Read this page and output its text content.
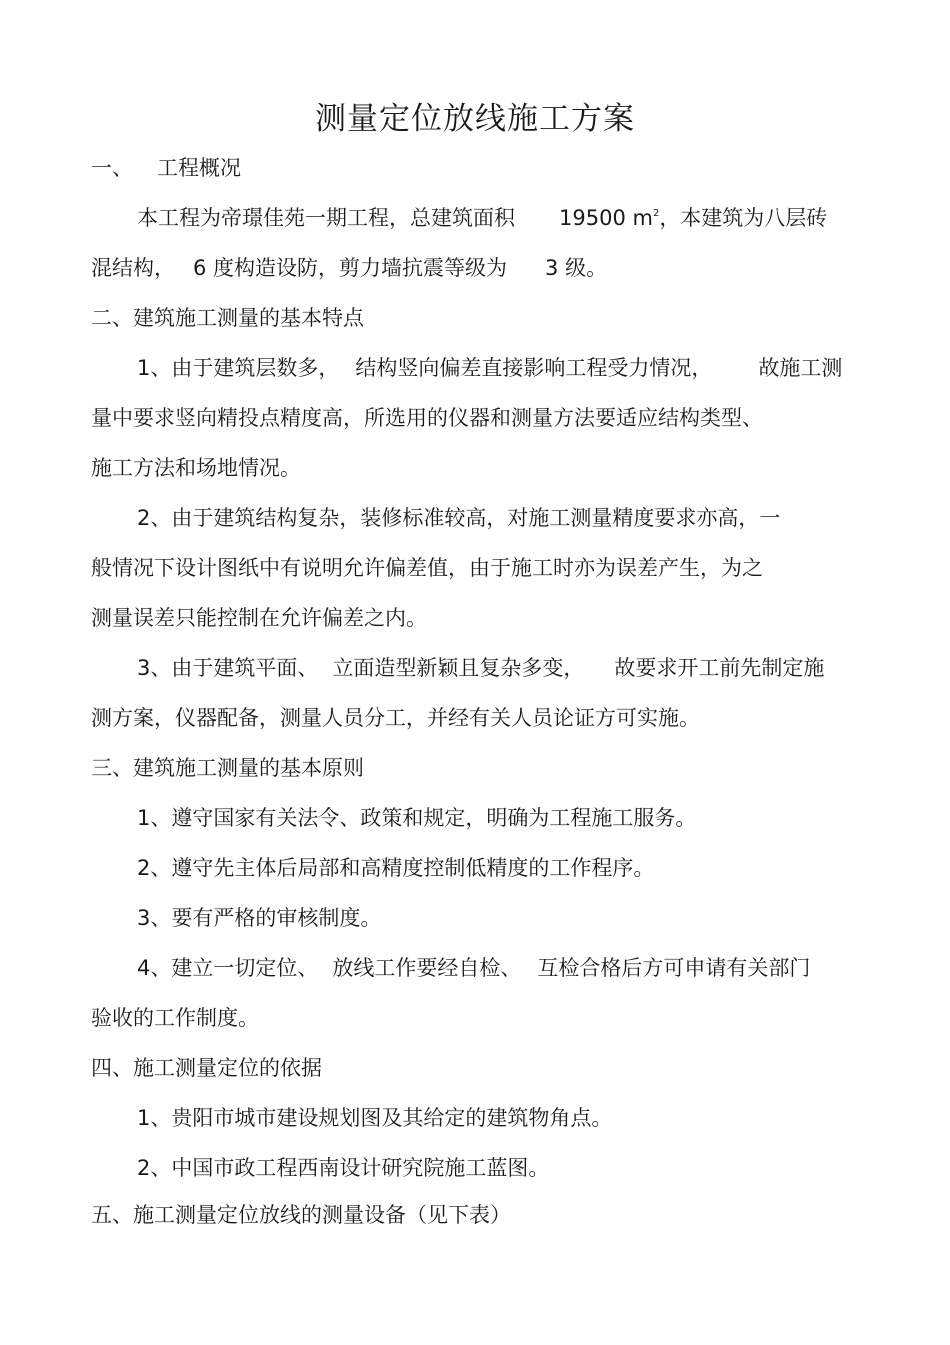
测量定位放线施工方案
一、 工程概况
本工程为帝璟佳苑一期工程，总建筑面积 19500 $m^2$，本建筑为八层砖
混结构， 6 度构造设防，剪力墙抗震等级为 3 级。
二、建筑施工测量的基本特点
1、由于建筑层数多， 结构竖向偏差直接影响工程受力情况， 故施工测
量中要求竖向精投点精度高，所选用的仪器和测量方法要适应结构类型、
施工方法和场地情况。
2、由于建筑结构复杂，装修标准较高，对施工测量精度要求亦高，一
般情况下设计图纸中有说明允许偏差值，由于施工时亦为误差产生，为之
测量误差只能控制在允许偏差之内。
3、由于建筑平面、 立面造型新颖且复杂多变， 故要求开工前先制定施
测方案，仪器配备，测量人员分工，并经有关人员论证方可实施。
三、建筑施工测量的基本原则
1、遵守国家有关法令、政策和规定，明确为工程施工服务。
2、遵守先主体后局部和高精度控制低精度的工作程序。
3、要有严格的审核制度。
4、建立一切定位、 放线工作要经自检、 互检合格后方可申请有关部门
验收的工作制度。
四、施工测量定位的依据
1、贵阳市城市建设规划图及其给定的建筑物角点。
2、中国市政工程西南设计研究院施工蓝图。
五、施工测量定位放线的测量设备（见下表）
